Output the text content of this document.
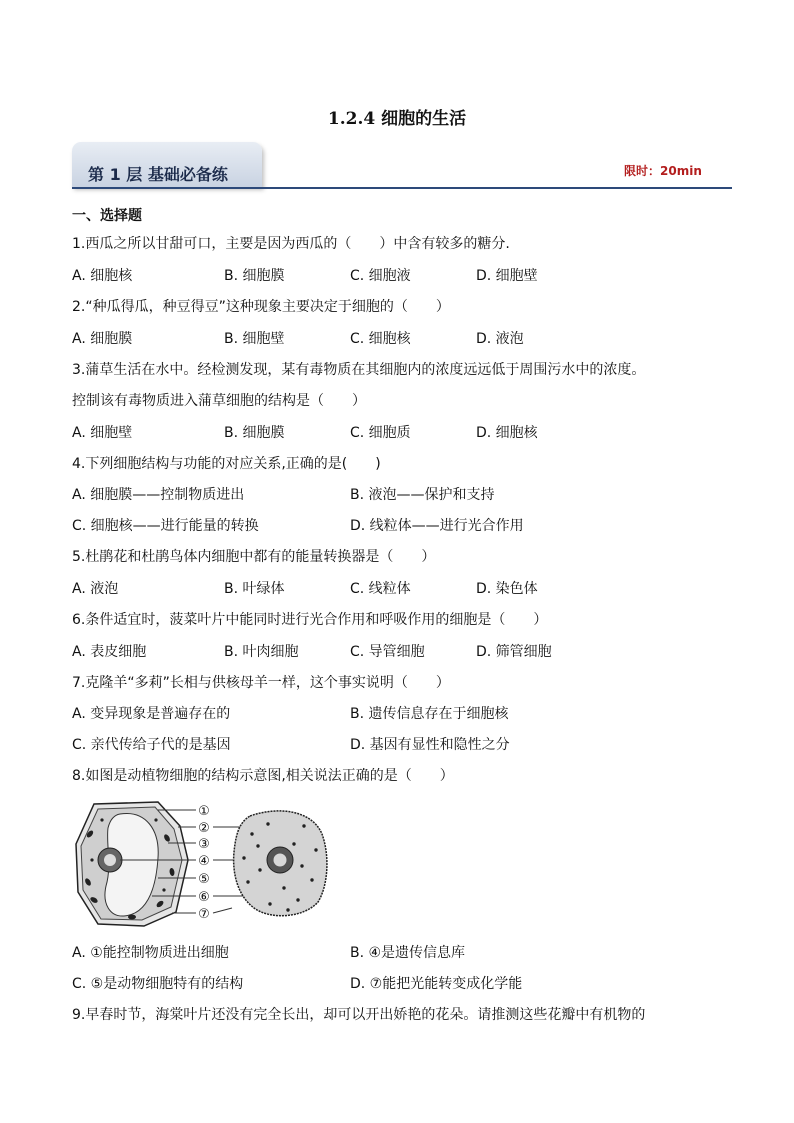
1.2.4 细胞的生活
第 1 层 基础必备练	限时：20min
一、选择题
1.西瓜之所以甘甜可口，主要是因为西瓜的（　　）中含有较多的糖分.
A. 细胞核	B. 细胞膜	C. 细胞液	D. 细胞壁
2.“种瓜得瓜，种豆得豆”这种现象主要决定于细胞的（　　）
A. 细胞膜	B. 细胞壁	C. 细胞核	D. 液泡
3.蒲草生活在水中。经检测发现，某有毒物质在其细胞内的浓度远远低于周围污水中的浓度。
控制该有毒物质进入蒲草细胞的结构是（　　）
A. 细胞壁	B. 细胞膜	C. 细胞质	D. 细胞核
4.下列细胞结构与功能的对应关系,正确的是(　　)
A. 细胞膜——控制物质进出	B. 液泡——保护和支持
C. 细胞核——进行能量的转换	D. 线粒体——进行光合作用
5.杜鹃花和杜鹃鸟体内细胞中都有的能量转换器是（　　）
A. 液泡	B. 叶绿体	C. 线粒体	D. 染色体
6.条件适宜时，菠菜叶片中能同时进行光合作用和呼吸作用的细胞是（　　）
A. 表皮细胞	B. 叶肉细胞	C. 导管细胞	D. 筛管细胞
7.克隆羊“多莉”长相与供核母羊一样，这个事实说明（　　）
A. 变异现象是普遍存在的	B. 遗传信息存在于细胞核
C. 亲代传给子代的是基因	D. 基因有显性和隐性之分
8.如图是动植物细胞的结构示意图,相关说法正确的是（　　）
①
②
③
④
⑤
⑥
⑦
A. ①能控制物质进出细胞	B. ④是遗传信息库
C. ⑤是动物细胞特有的结构	D. ⑦能把光能转变成化学能
9.早春时节，海棠叶片还没有完全长出，却可以开出娇艳的花朵。请推测这些花瓣中有机物的
